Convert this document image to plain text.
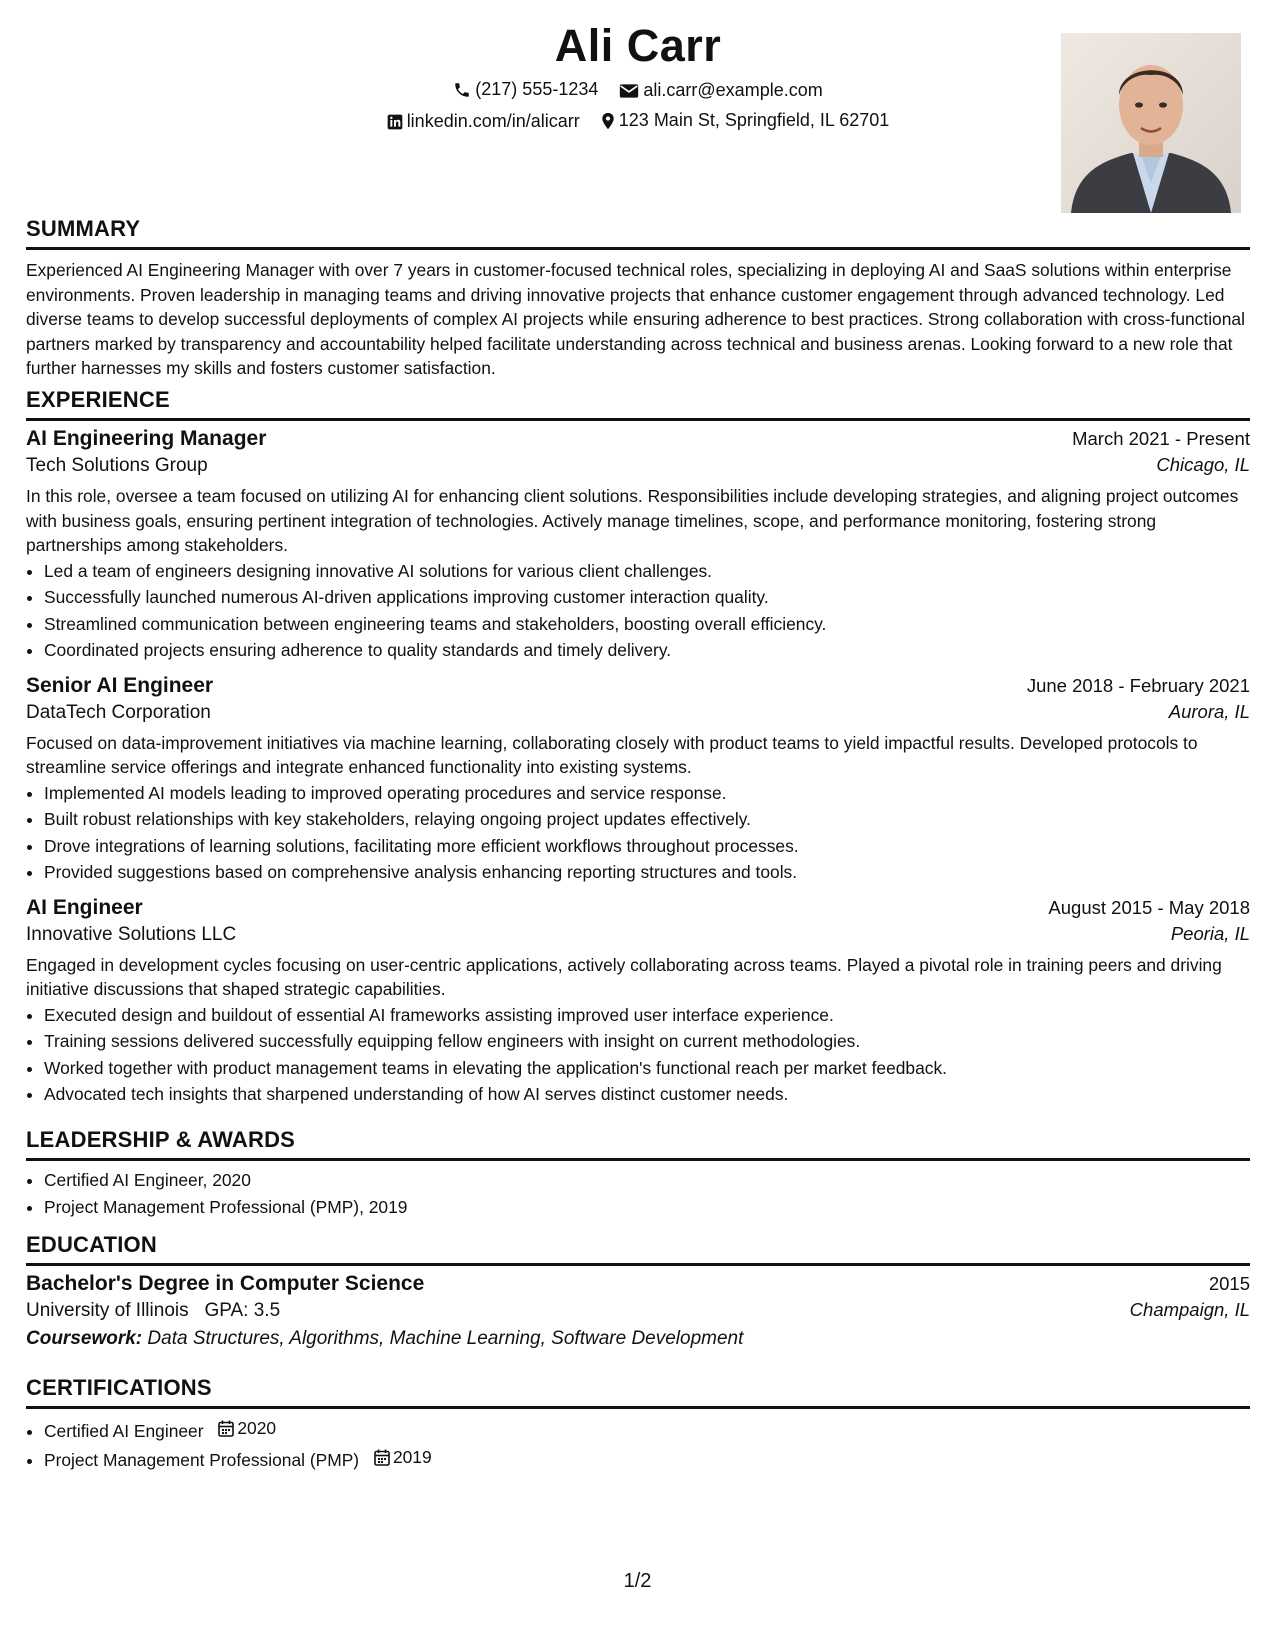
Ali Carr
(217) 555-1234
	ali.carr@example.com
linkedin.com/in/alicarr
123 Main St, Springfield, IL 62701
SUMMARY

Experienced AI Engineering Manager with over 7 years in customer-focused technical roles, specializing in deploying AI and SaaS solutions within enterprise environments. Proven leadership in managing teams and driving innovative projects that enhance customer engagement through advanced technology. Led diverse teams to develop successful deployments of complex AI projects while ensuring adherence to best practices. Strong collaboration with cross-functional partners marked by transparency and accountability helped facilitate understanding across technical and business arenas. Looking forward to a new role that further harnesses my skills and fosters customer satisfaction.

EXPERIENCE
AI Engineering Manager	March 2021 - Present
Tech Solutions Group	Chicago, IL

In this role, oversee a team focused on utilizing AI for enhancing client solutions. Responsibilities include developing strategies, and aligning project outcomes with business goals, ensuring pertinent integration of technologies. Actively manage timelines, scope, and performance monitoring, fostering strong partnerships among stakeholders.

• Led a team of engineers designing innovative AI solutions for various client challenges.
• Successfully launched numerous AI-driven applications improving customer interaction quality.
• Streamlined communication between engineering teams and stakeholders, boosting overall efficiency.
• Coordinated projects ensuring adherence to quality standards and timely delivery.
Senior AI Engineer	June 2018 - February 2021
DataTech Corporation	Aurora, IL

Focused on data-improvement initiatives via machine learning, collaborating closely with product teams to yield impactful results. Developed protocols to streamline service offerings and integrate enhanced functionality into existing systems.

• Implemented AI models leading to improved operating procedures and service response.
• Built robust relationships with key stakeholders, relaying ongoing project updates effectively.
• Drove integrations of learning solutions, facilitating more efficient workflows throughout processes.
• Provided suggestions based on comprehensive analysis enhancing reporting structures and tools.
AI Engineer	August 2015 - May 2018
Innovative Solutions LLC	Peoria, IL

Engaged in development cycles focusing on user-centric applications, actively collaborating across teams. Played a pivotal role in training peers and driving initiative discussions that shaped strategic capabilities.

• Executed design and buildout of essential AI frameworks assisting improved user interface experience.
• Training sessions delivered successfully equipping fellow engineers with insight on current methodologies.
• Worked together with product management teams in elevating the application's functional reach per market feedback.
• Advocated tech insights that sharpened understanding of how AI serves distinct customer needs.
LEADERSHIP & AWARDS
• Certified AI Engineer, 2020
• Project Management Professional (PMP), 2019
EDUCATION
Bachelor's Degree in Computer Science	2015
University of Illinois GPA: 3.5	Champaign, IL

Coursework: Data Structures, Algorithms, Machine Learning, Software Development

CERTIFICATIONS
• Certified AI Engineer 2020
• Project Management Professional (PMP) 2019
1/2
